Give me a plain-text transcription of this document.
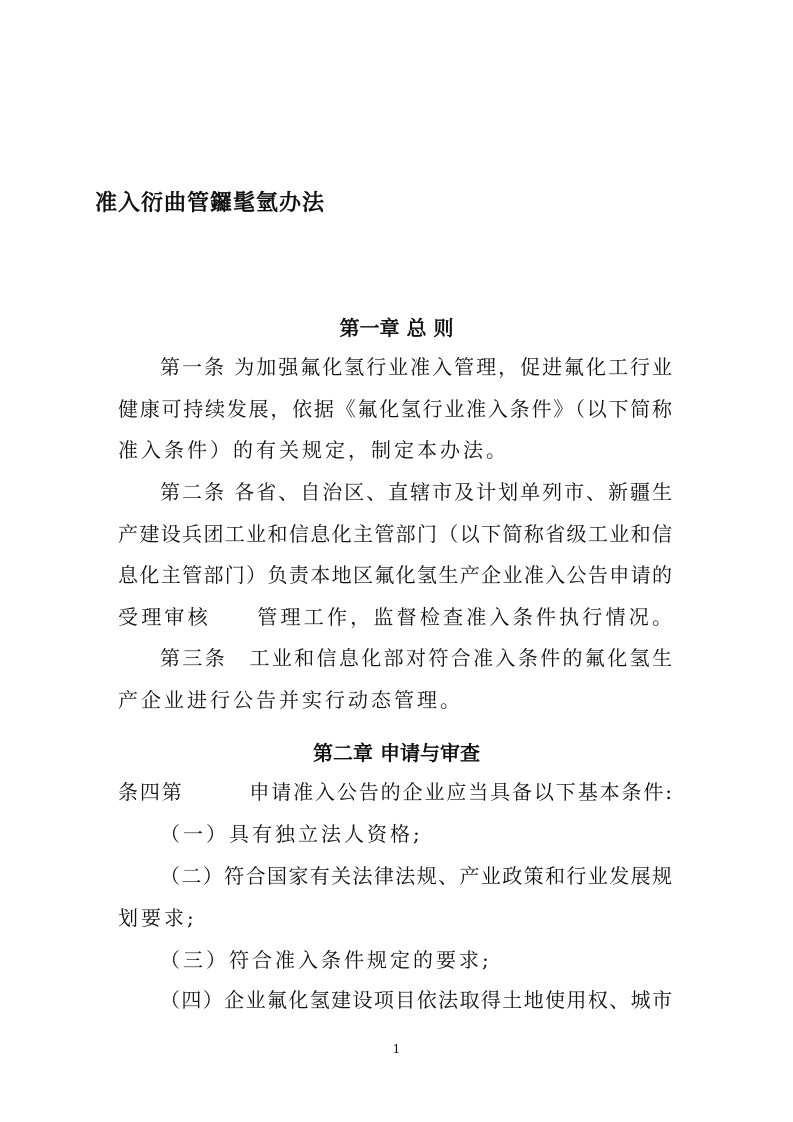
准入衍曲管鑼髦氫办法
第一章 总 则
第一条 为加强氟化氢行业准入管理，促进氟化工行业
健康可持续发展，依据《氟化氢行业准入条件》（以下简称
准入条件）的有关规定，制定本办法。
第二条 各省、自治区、直辖市及计划单列市、新疆生
产建设兵团工业和信息化主管部门（以下简称省级工业和信
息化主管部门）负责本地区氟化氢生产企业准入公告申请的
受理审核　　管理工作，监督检查准入条件执行情况。
第三条　工业和信息化部对符合准入条件的氟化氢生
产企业进行公告并实行动态管理。
第二章 申请与审查
条四第　　　申请准入公告的企业应当具备以下基本条件:
（一）具有独立法人资格;
（二）符合国家有关法律法规、产业政策和行业发展规
划要求;
（三）符合准入条件规定的要求;
（四）企业氟化氢建设项目依法取得土地使用权、城市
1
